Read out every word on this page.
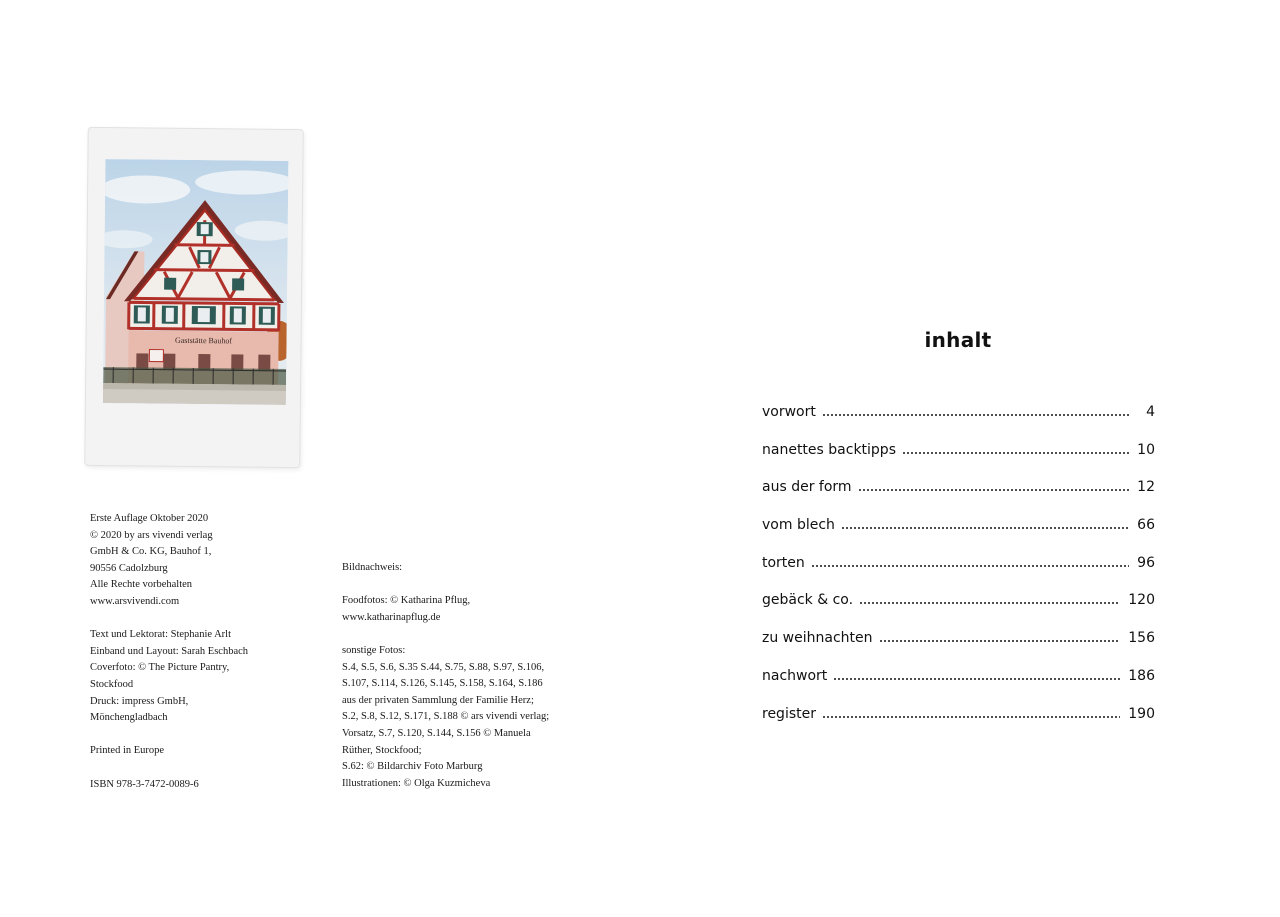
Gaststätte Bauhof
Erste Auflage Oktober 2020
© 2020 by ars vivendi verlag
GmbH & Co. KG, Bauhof 1,
90556 Cadolzburg
Alle Rechte vorbehalten
www.arsvivendi.com
Text und Lektorat: Stephanie Arlt
Einband und Layout: Sarah Eschbach
Coverfoto: © The Picture Pantry,
Stockfood
Druck: impress GmbH,
Mönchengladbach
Printed in Europe
ISBN 978-3-7472-0089-6
Bildnachweis:
Foodfotos: © Katharina Pflug,
www.katharinapflug.de
sonstige Fotos:
S.4, S.5, S.6, S.35 S.44, S.75, S.88, S.97, S.106,
S.107, S.114, S.126, S.145, S.158, S.164, S.186
aus der privaten Sammlung der Familie Herz;
S.2, S.8, S.12, S.171, S.188 © ars vivendi verlag;
Vorsatz, S.7, S.120, S.144, S.156 © Manuela
Rüther, Stockfood;
S.62: © Bildarchiv Foto Marburg
Illustrationen: © Olga Kuzmicheva
inhalt
vorwort	4
nanettes backtipps	10
aus der form	12
vom blech	66
torten	96
gebäck & co.	120
zu weihnachten	156
nachwort	186
register	190
